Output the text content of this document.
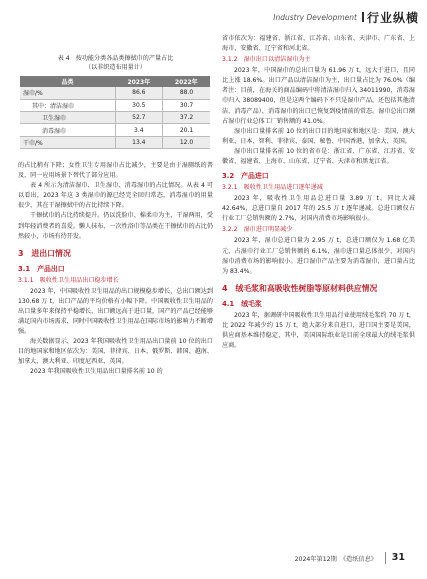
Industry Development 行业纵横
表 4　按功能分类各品类擦拭巾的产量占比
（以非织造布用量计）
品类	2023年	2022年
湿巾/%	86.6	88.0
其中：清洁湿巾	30.5	30.7
卫生湿巾	52.7	37.2
消毒湿巾	3.4	20.1
干巾/%	13.4	12.0

的占比稍有下降；女性卫生专用湿巾占比减少，主要是由于湿厕纸的普及，同一应用场景下替代了部分应用。

表 4 所示为清洁湿巾、卫生湿巾、消毒湿巾的占比情况。从表 4 可以看出，2023 年这 3 类湿巾的源已经完全回归常态，消毒湿巾的用量很少，其在干湿擦拭中的占比持续下降。

干擦拭巾的占比持续提升。仍以洗脸巾、棉柔巾为主，干湿两用，受到年轻消费者的喜爱。懒人抹布、一次性浴巾等品类在干擦拭巾的占比仍然较小，市场有待开发。

3　进出口情况
3.1　产品出口
3.1.1　吸收性卫生用品出口稳步增长

2023 年，中国吸收性卫生用品的出口规模稳步增长，总出口额达到 130.68 万 t，出口产品的平均价格有小幅下降。中国吸收性卫生用品的出口量多年来保持平稳增长，出口额远高于进口量，国产的产品已经能够满足国内市场需求，同时中国吸收性卫生用品在国际市场的影响力不断增强。

海关数据显示，2023 年我国吸收性卫生用品出口量前 10 位的出口目的地国家和地区依次为：美国、菲律宾、日本、俄罗斯、韩国、越南、加拿大、澳大利亚、印度尼西亚、英国。

2023 年我国吸收性卫生用品出口量排名前 10 的

省市依次为：福建省、浙江省、江苏省、山东省、天津市、广东省、上海市、安徽省、辽宁省和河北省。

3.1.2　湿巾出口以清洁湿巾为主

2023 年，中国湿巾的总出口量为 61.96 万 t，远大于进口，且同比上涨 18.6%。出口产品以清洁湿巾为主，出口量占比为 76.0%（编者注：目前，在海关的商品编码中将清洁湿巾归入 34011990，消毒湿巾归入 38089400，但是这两个编码下不只是湿巾产品，还包括其他清洁、消毒产品），消毒湿巾的出口已恢复到疫情前的常态。湿巾总出口额占湿巾行业总体工厂销售额的 41.0%。

湿巾出口量排名前 10 位的出口目的地国家和地区是：美国、澳大利亚、日本、智利、菲律宾、泰国、秘鲁、中国香港、加拿大、英国。

湿巾出口量排名前 10 位的省市是：浙江省、广东省、江苏省、安徽省、福建省、上海市、山东省、辽宁省、天津市和黑龙江省。

3.2　产品进口
3.2.1　吸收性卫生用品进口逐年递减

2023 年，吸收性卫生用品总进口量 3.89 万 t，同比大减 42.64%，总进口量自 2017 年的 25.5 万 t 逐年递减。总进口额仅占行业工厂总销售额的 2.7%，对国内消费市场影响很小。

3.2.2　湿巾进口明显减少

2023 年，湿巾总进口量为 2.95 万 t，总进口额仅为 1.68 亿美元，占湿巾行业工厂总销售额的 6.1%，湿巾进口量总体很少，对国内湿巾消费市场的影响很小。进口湿巾产品主要为消毒湿巾，进口量占比为 83.4%。

4　绒毛浆和高吸收性树脂等原材料供应情况
4.1　绒毛浆

2023 年，据调研中国吸收性卫生用品行业使用绒毛浆约 70 万 t，比 2022 年减少约 15 万 t，绝大部分来自进口，进口国主要是美国，供应商基本维持稳定，其中，美国国际纸业是目前全球最大的绒毛浆供应商。

2024年第12期　《造纸信息》 31
